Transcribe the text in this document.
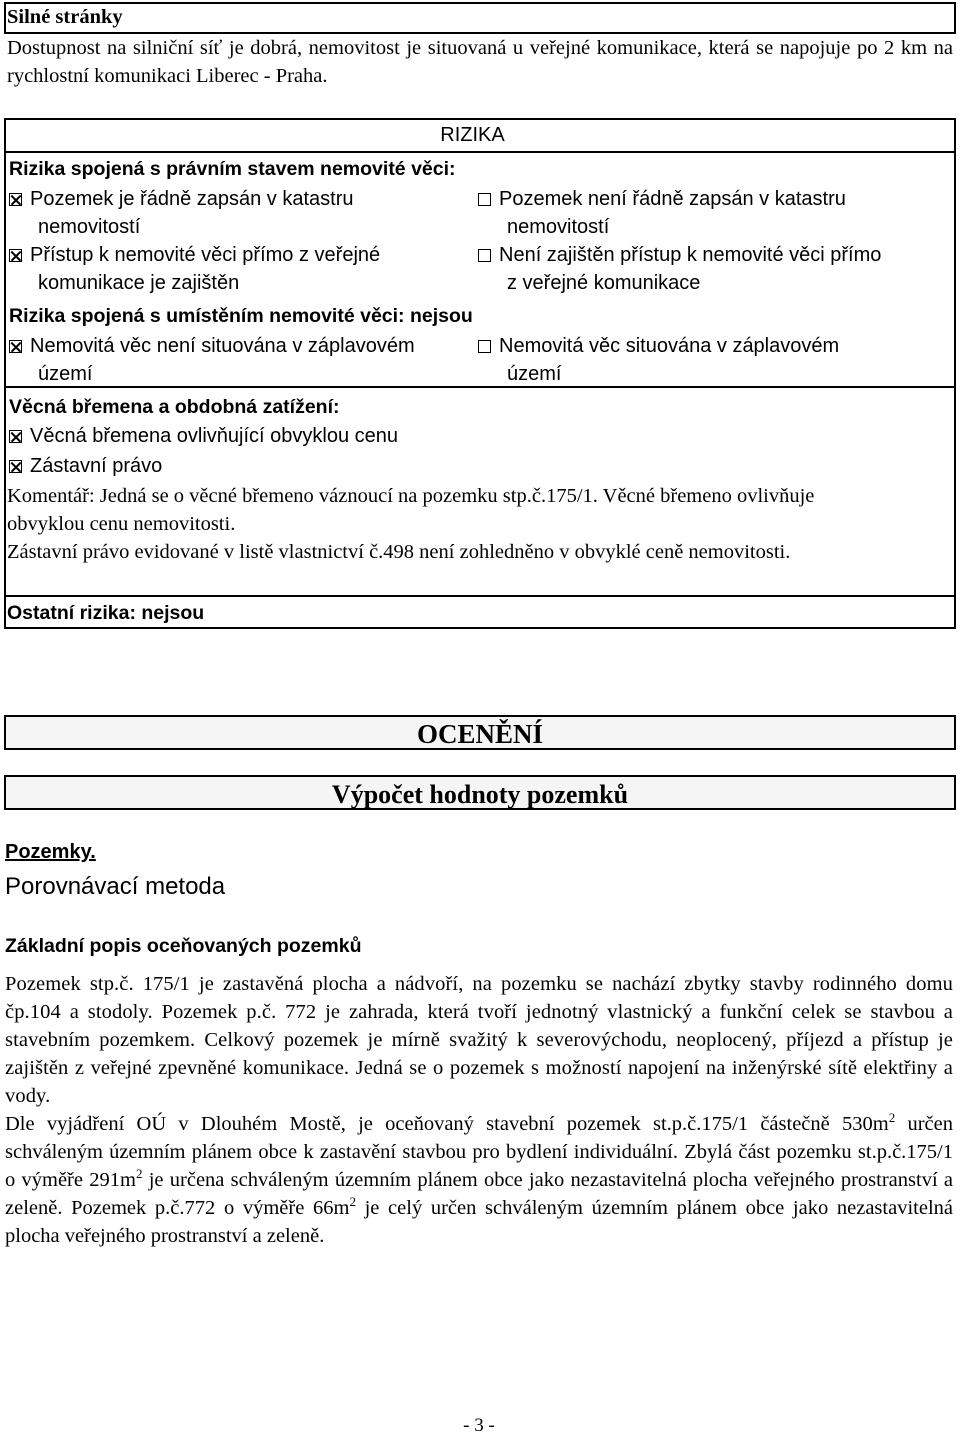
Silné stránky
Dostupnost na silniční síť je dobrá, nemovitost je situovaná u veřejné komunikace, která se napojuje po 2 km na rychlostní komunikaci Liberec - Praha.
RIZIKA
Rizika spojená s právním stavem nemovité věci:
Pozemek je řádně zapsán v katastru
nemovitostí
Pozemek není řádně zapsán v katastru
nemovitostí
Přístup k nemovité věci přímo z veřejné
komunikace je zajištěn
Není zajištěn přístup k nemovité věci přímo
z veřejné komunikace
Rizika spojená s umístěním nemovité věci: nejsou
Nemovitá věc není situována v záplavovém
území
Nemovitá věc situována v záplavovém
území
Věcná břemena a obdobná zatížení:
Věcná břemena ovlivňující obvyklou cenu
Zástavní právo
Komentář: Jedná se o věcné břemeno váznoucí na pozemku stp.č.175/1. Věcné břemeno ovlivňuje obvyklou cenu nemovitosti.
Zástavní právo evidované v listě vlastnictví č.498 není zohledněno v obvyklé ceně nemovitosti.
Ostatní rizika: nejsou
OCENĚNÍ
Výpočet hodnoty pozemků
Pozemky.
Porovnávací metoda
Základní popis oceňovaných pozemků
Pozemek stp.č. 175/1 je zastavěná plocha a nádvoří, na pozemku se nachází zbytky stavby rodinného domu čp.104 a stodoly. Pozemek p.č. 772 je zahrada, která tvoří jednotný vlastnický a funkční celek se stavbou a stavebním pozemkem. Celkový pozemek je mírně svažitý k severovýchodu, neoplocený, příjezd a přístup je zajištěn z veřejné zpevněné komunikace. Jedná se o pozemek s možností napojení na inženýrské sítě elektřiny a vody.
Dle vyjádření OÚ v Dlouhém Mostě, je oceňovaný stavební pozemek st.p.č.175/1 částečně $530m^2$ určen schváleným územním plánem obce k zastavění stavbou pro bydlení individuální. Zbylá část pozemku st.p.č.175/1 o výměře $291m^2$ je určena schváleným územním plánem obce jako nezastavitelná plocha veřejného prostranství a zeleně. Pozemek p.č.772 o výměře $66m^2$ je celý určen schváleným územním plánem obce jako nezastavitelná plocha veřejného prostranství a zeleně.
- 3 -
